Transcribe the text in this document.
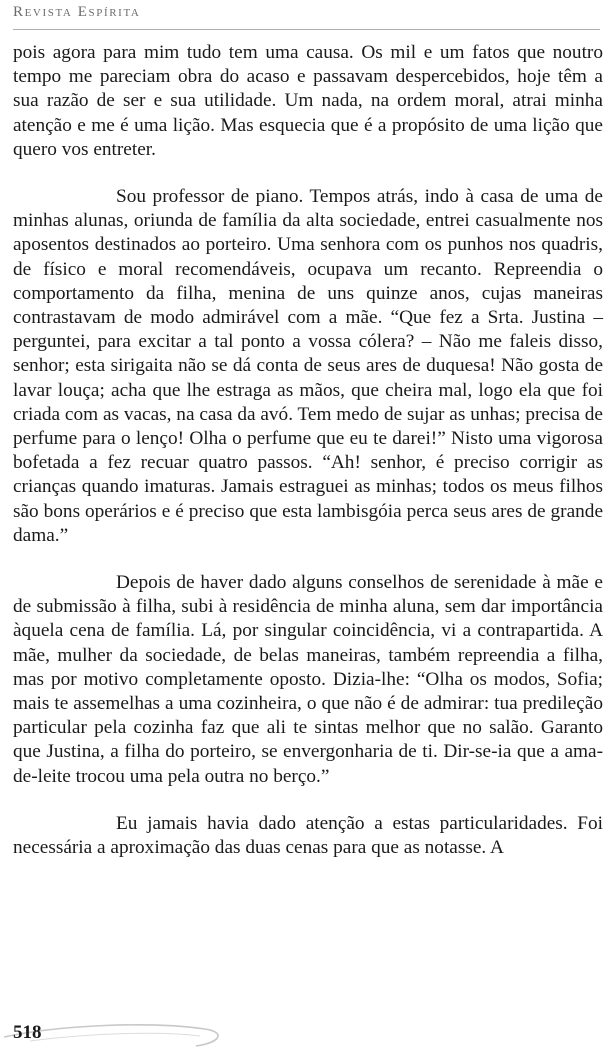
Revista Espírita

pois agora para mim tudo tem uma causa. Os mil e um fatos que noutro tempo me pareciam obra do acaso e passavam despercebidos, hoje têm a sua razão de ser e sua utilidade. Um nada, na ordem moral, atrai minha atenção e me é uma lição. Mas esquecia que é a propósito de uma lição que quero vos entreter.

Sou professor de piano. Tempos atrás, indo à casa de uma de minhas alunas, oriunda de família da alta sociedade, entrei casualmente nos aposentos destinados ao porteiro. Uma senhora com os punhos nos quadris, de físico e moral recomendáveis, ocupava um recanto. Repreendia o comportamento da filha, menina de uns quinze anos, cujas maneiras contrastavam de modo admirável com a mãe. “Que fez a Srta. Justina – perguntei, para excitar a tal ponto a vossa cólera? – Não me faleis disso, senhor; esta sirigaita não se dá conta de seus ares de duquesa! Não gosta de lavar louça; acha que lhe estraga as mãos, que cheira mal, logo ela que foi criada com as vacas, na casa da avó. Tem medo de sujar as unhas; precisa de perfume para o lenço! Olha o perfume que eu te darei!” Nisto uma vigorosa bofetada a fez recuar quatro passos. “Ah! senhor, é preciso corrigir as crianças quando imaturas. Jamais estraguei as minhas; todos os meus filhos são bons operários e é preciso que esta lambisgóia perca seus ares de grande dama.”

Depois de haver dado alguns conselhos de serenidade à mãe e de submissão à filha, subi à residência de minha aluna, sem dar importância àquela cena de família. Lá, por singular coincidência, vi a contrapartida. A mãe, mulher da sociedade, de belas maneiras, também repreendia a filha, mas por motivo completamente oposto. Dizia-lhe: “Olha os modos, Sofia; mais te assemelhas a uma cozinheira, o que não é de admirar: tua predileção particular pela cozinha faz que ali te sintas melhor que no salão. Garanto que Justina, a filha do porteiro, se envergonharia de ti. Dir-se-ia que a ama-de-leite trocou uma pela outra no berço.”

Eu jamais havia dado atenção a estas particularidades. Foi necessária a aproximação das duas cenas para que as notasse. A

518
